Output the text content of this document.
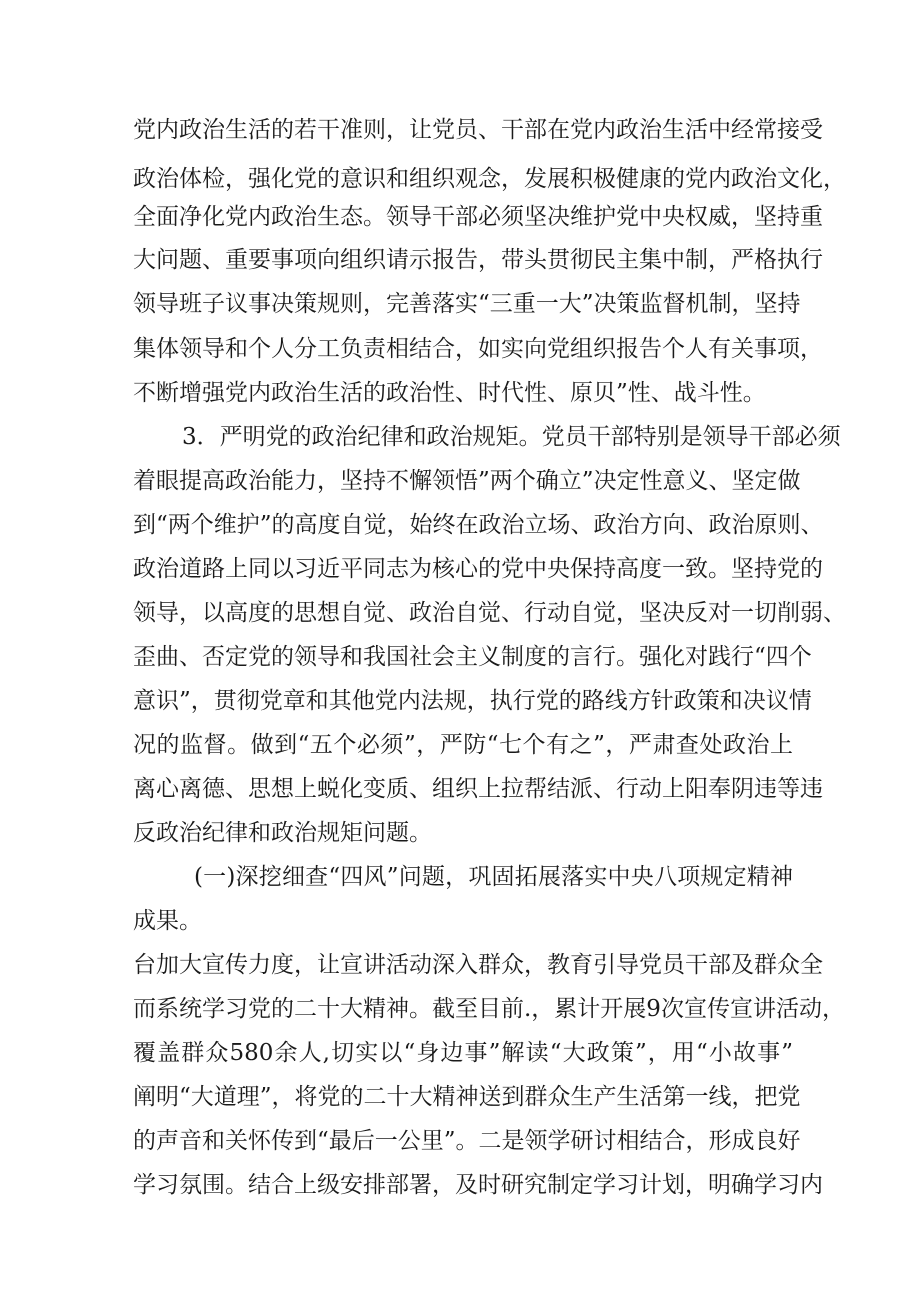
党内政治生活的若干准则，让党员、干部在党内政治生活中经常接受
政治体检，强化党的意识和组织观念，发展积极健康的党内政治文化，
全面净化党内政治生态。领导干部必须坚决维护党中央权威，坚持重
大问题、重要事项向组织请示报告，带头贯彻民主集中制，严格执行
领导班子议事决策规则，完善落实“三重一大”决策监督机制，坚持
集体领导和个人分工负责相结合，如实向党组织报告个人有关事项，
不断增强党内政治生活的政治性、时代性、原贝”性、战斗性。
3．严明党的政治纪律和政治规矩。党员干部特别是领导干部必须
着眼提高政治能力，坚持不懈领悟”两个确立”决定性意义、坚定做
到“两个维护”的高度自觉，始终在政治立场、政治方向、政治原则、
政治道路上同以习近平同志为核心的党中央保持高度一致。坚持党的
领导，以高度的思想自觉、政治自觉、行动自觉，坚决反对一切削弱、
歪曲、否定党的领导和我国社会主义制度的言行。强化对践行“四个
意识”，贯彻党章和其他党内法规，执行党的路线方针政策和决议情
况的监督。做到“五个必须”，严防“七个有之”，严肃查处政治上
离心离德、思想上蜕化变质、组织上拉帮结派、行动上阳奉阴违等违
反政治纪律和政治规矩问题。
(一)深挖细查“四风”问题，巩固拓展落实中央八项规定精神
成果。
台加大宣传力度，让宣讲活动深入群众，教育引导党员干部及群众全
而系统学习党的二十大精神。截至目前.，累计开展9次宣传宣讲活动，
覆盖群众580余人,切实以“身边事”解读“大政策”，用“小故事”
阐明“大道理”，将党的二十大精神送到群众生产生活第一线，把党
的声音和关怀传到“最后一公里”。二是领学研讨相结合，形成良好
学习氛围。结合上级安排部署，及时研究制定学习计划，明确学习内
